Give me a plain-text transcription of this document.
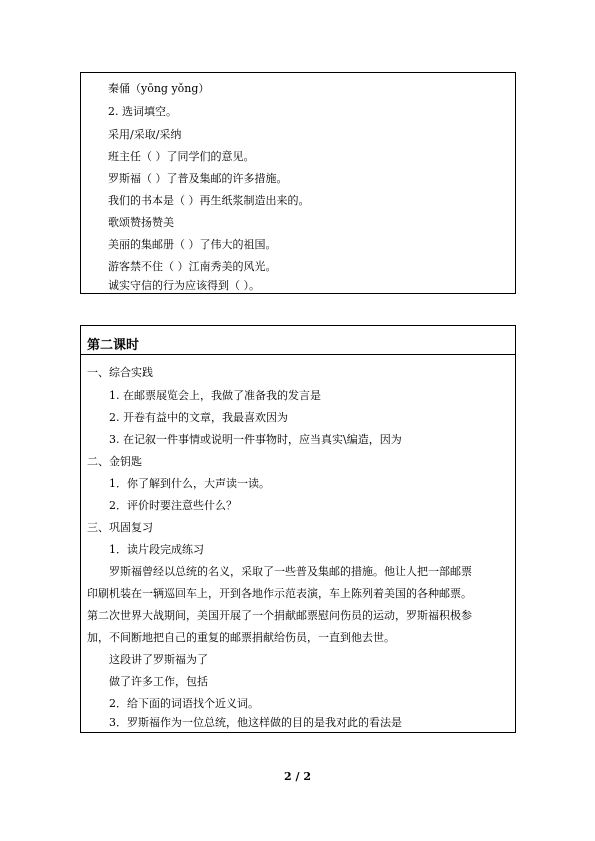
秦俑（yōng yǒng）
2. 选词填空。
采用/采取/采纳
班主任（ ）了同学们的意见。
罗斯福（ ）了普及集邮的许多措施。
我们的书本是（ ）再生纸浆制造出来的。
歌颂赞扬赞美
美丽的集邮册（ ）了伟大的祖国。
游客禁不住（ ）江南秀美的风光。
诚实守信的行为应该得到（ ）。
第二课时
一、综合实践
1. 在邮票展览会上，我做了准备我的发言是
2. 开卷有益中的文章，我最喜欢因为
3. 在记叙一件事情或说明一件事物时，应当真实\编造，因为
二、金钥匙
1．你了解到什么，大声读一读。
2．评价时要注意些什么？
三、巩固复习
1．读片段完成练习
罗斯福曾经以总统的名义，采取了一些普及集邮的措施。他让人把一部邮票
印刷机装在一辆巡回车上，开到各地作示范表演，车上陈列着美国的各种邮票。
第二次世界大战期间，美国开展了一个捐献邮票慰问伤员的运动，罗斯福积极参
加，不间断地把自己的重复的邮票捐献给伤员，一直到他去世。
这段讲了罗斯福为了
做了许多工作，包括
2．给下面的词语找个近义词。
3．罗斯福作为一位总统，他这样做的目的是我对此的看法是
2 / 2
